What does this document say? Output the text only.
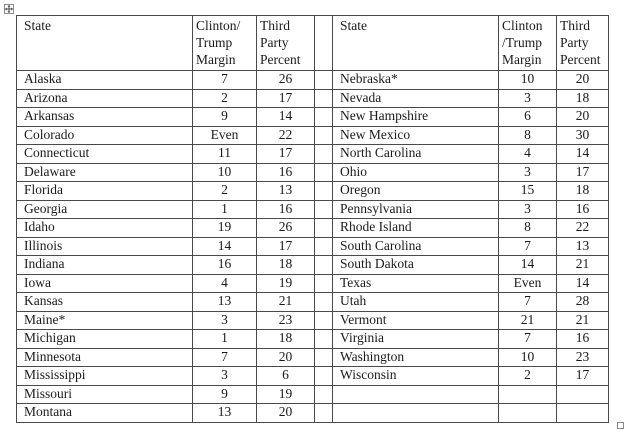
State	Clinton/ Trump Margin	Third Party Percent		State	Clinton /Trump Margin	Third Party Percent
Alaska	7	26		Nebraska*	10	20
Arizona	2	17		Nevada	3	18
Arkansas	9	14		New Hampshire	6	20
Colorado	Even	22		New Mexico	8	30
Connecticut	11	17		North Carolina	4	14
Delaware	10	16		Ohio	3	17
Florida	2	13		Oregon	15	18
Georgia	1	16		Pennsylvania	3	16
Idaho	19	26		Rhode Island	8	22
Illinois	14	17		South Carolina	7	13
Indiana	16	18		South Dakota	14	21
Iowa	4	19		Texas	Even	14
Kansas	13	21		Utah	7	28
Maine*	3	23		Vermont	21	21
Michigan	1	18		Virginia	7	16
Minnesota	7	20		Washington	10	23
Mississippi	3	6		Wisconsin	2	17
Missouri	9	19				
Montana	13	20				
